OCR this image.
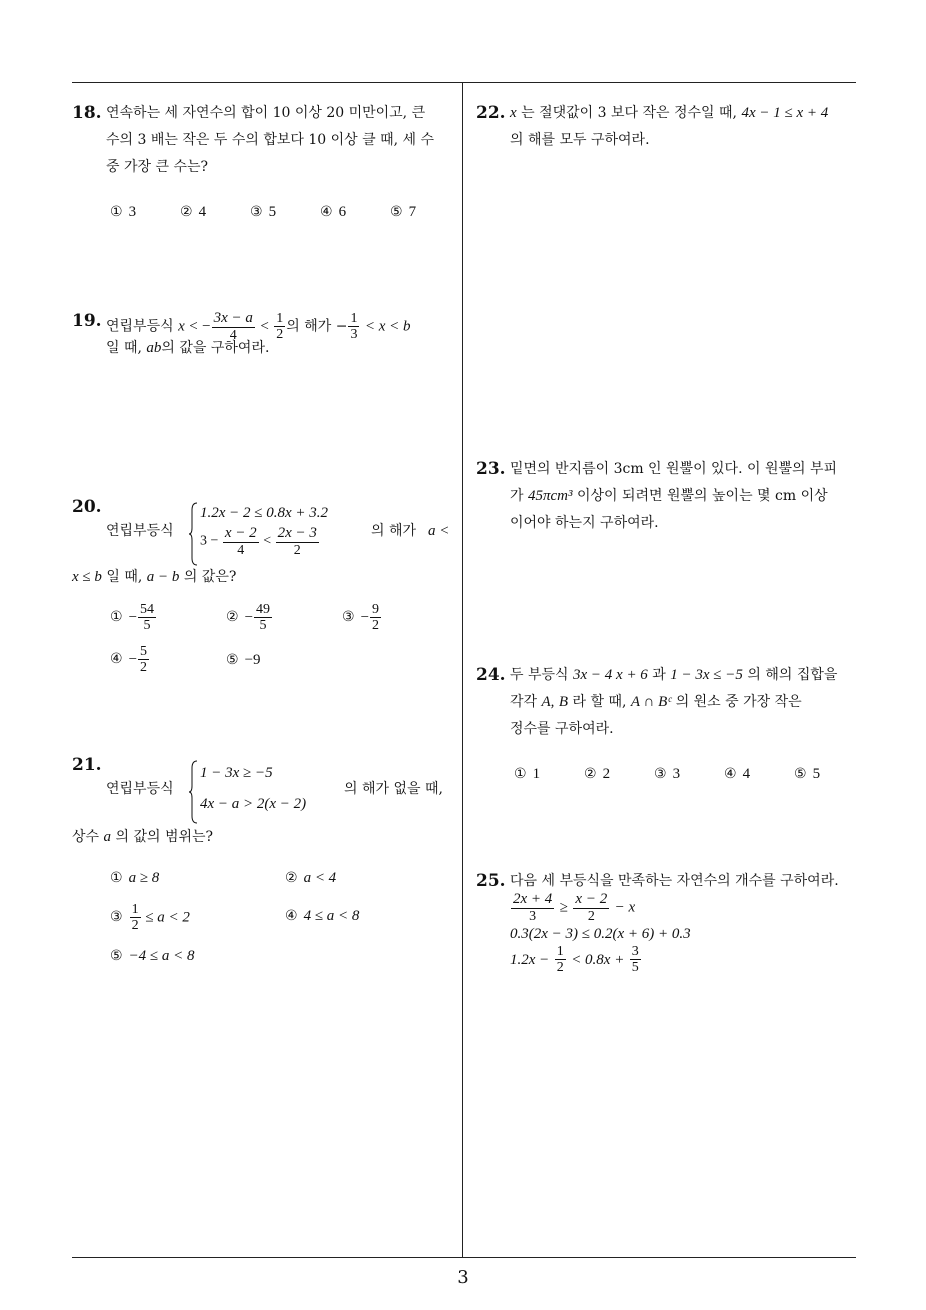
18. 연속하는 세 자연수의 합이 10 이상 20 미만이고, 큰
수의 3 배는 작은 두 수의 합보다 10 이상 클 때, 세 수
중 가장 큰 수는?
① 3	② 4	③ 5	④ 6	⑤ 7
19. 연립부등식 x < − $\frac{3x - a}{4} < \frac{1}{2}$ 의 해가 − $\frac{1}{3} < x < b$
일 때, ab의 값을 구하여라.
20.
연립부등식
1.2x − 2 ≤ 0.8x + 3.2
$3 - \frac{x - 2}{4} < \frac{2x - 3}{2}$	의 해가 a <
x ≤ b 일 때, a − b 의 값은?
① − $\frac{54}{5}$	② − $\frac{49}{5}$	③ − $\frac{9}{2}$
④ − $\frac{5}{2}$	⑤ −9
21.
연립부등식
1 − 3x ≥ −5
4x − a > 2(x − 2)
의 해가 없을 때,
상수 a 의 값의 범위는?
① a ≥ 8	② a < 4
③ $\frac{1}{2} \le a < 2$	④ 4 ≤ a < 8
⑤ −4 ≤ a < 8
22. x 는 절댓값이 3 보다 작은 정수일 때, 4x − 1 ≤ x + 4
의 해를 모두 구하여라.
23. 밑면의 반지름이 3cm 인 원뿔이 있다. 이 원뿔의 부피
가 45πcm³ 이상이 되려면 원뿔의 높이는 몇 cm 이상
이어야 하는지 구하여라.
24. 두 부등식 3x − 4 x + 6 과 1 − 3x ≤ −5 의 해의 집합을
각각 A, B 라 할 때, A ∩ Bᶜ 의 원소 중 가장 작은
정수를 구하여라.
① 1	② 2	③ 3	④ 4	⑤ 5
25. 다음 세 부등식을 만족하는 자연수의 개수를 구하여라.
$\frac{2x + 4}{3} \ge \frac{x - 2}{2} - x$
0.3(2x − 3) ≤ 0.2(x + 6) + 0.3
$1.2x - \frac{1}{2} < 0.8x + \frac{3}{5}$
3
